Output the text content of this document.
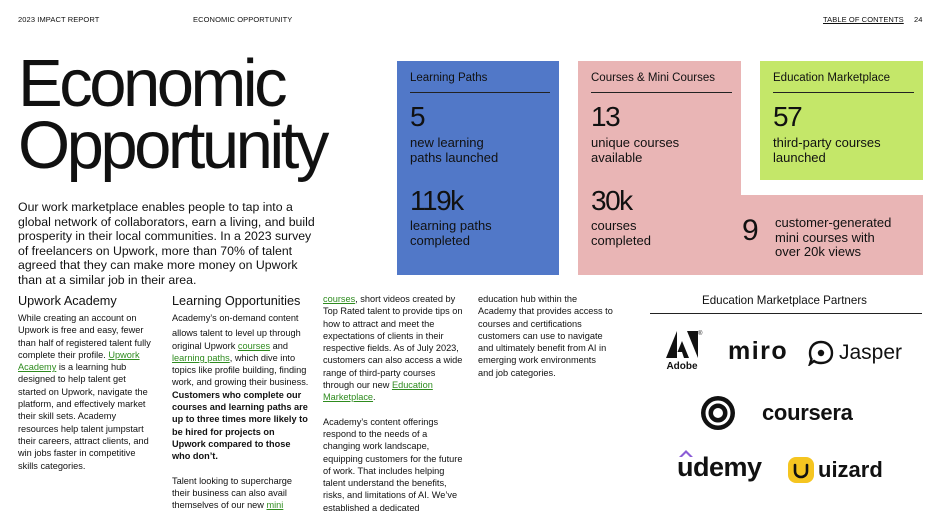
2023 IMPACT REPORT	ECONOMIC OPPORTUNITY	TABLE OF CONTENTS 24
Economic
Opportunity
Our work marketplace enables people to tap into a global network of collaborators, earn a living, and build prosperity in their local communities. In a 2023 survey of freelancers on Upwork, more than 70% of talent agreed that they can make more money on Upwork than at a similar job in their area.
Learning Paths
5
new learning
paths launched
119k
learning paths
completed
Courses & Mini Courses
13
unique courses
available
30k
courses
completed	9 customer-generated
mini courses with
over 20k views
Education Marketplace
57
third-party courses
launched
Upwork Academy
While creating an account on Upwork is free and easy, fewer than half of registered talent fully complete their profile. Upwork Academy is a learning hub designed to help talent get started on Upwork, navigate the platform, and effectively market their skill sets. Academy resources help talent jumpstart their careers, attract clients, and win jobs faster in competitive skills categories.
Learning Opportunities
Academy’s on-demand content
allows talent to level up through original Upwork courses and learning paths, which dive into topics like profile building, finding work, and growing their business. Customers who complete our courses and learning paths are up to three times more likely to be hired for projects on Upwork compared to those who don’t.
Talent looking to supercharge their business can also avail themselves of our new mini
courses, short videos created by Top Rated talent to provide tips on how to attract and meet the expectations of clients in their respective fields. As of July 2023, customers can also access a wide range of third-party courses through our new Education Marketplace.
Academy’s content offerings respond to the needs of a changing work landscape, equipping customers for the future of work. That includes helping talent understand the benefits, risks, and limitations of AI. We’ve established a dedicated
education hub within the Academy that provides access to courses and certifications customers can use to navigate and ultimately benefit from AI in emerging work environments and job categories.
Education Marketplace Partners
Adobe
®
miro Jasper
coursera
udemy	uizard
